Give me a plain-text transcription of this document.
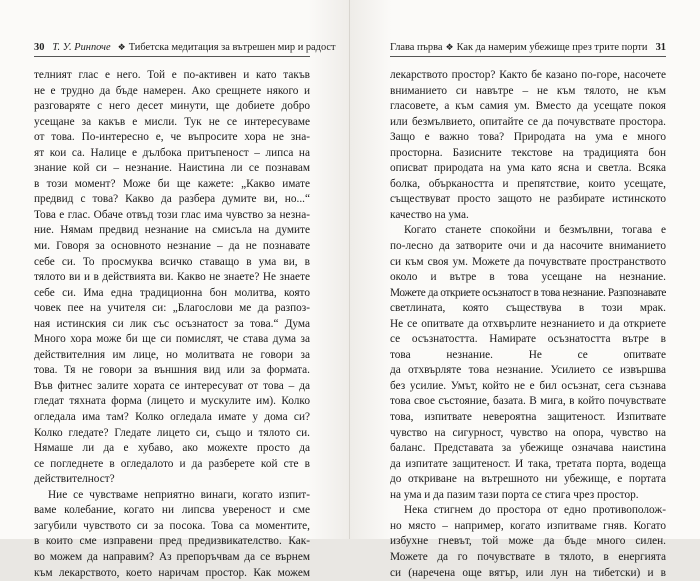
30 Т. У. Ринпоче ❖ Тибетска медитация за вътрешен мир и радост
телният глас е него. Той е по-активен и като такъв
не е трудно да бъде намерен. Ако срещнете някого и
разговаряте с него десет минути, ще добиете добро
усещане за какъв е мисли. Тук не се интересуваме
от това. По-интересно е, че въпросите хора не зна-
ят кои са. Налице е дълбока притъпеност – липса на
знание кой си – незнание. Наистина ли се познавам
в този момент? Може би ще кажете: „Какво имате
предвид с това? Какво да разбера думите ви, но...“
Това е глас. Обаче отвъд този глас има чувство за незна-
ние. Нямам предвид незнание на смисъла на думите
ми. Говоря за основното незнание – да не познавате
себе си. То просмуква всичко ставащо в ума ви, в
тялото ви и в действията ви. Какво не знаете? Не знаете
себе си. Има една традиционна бон молитва, която
човек пее на учителя си: „Благослови ме да разпоз-
ная истинския си лик със осъзнатост за това.“ Дума
Много хора може би ще си помислят, че става дума за
действителния им лице, но молитвата не говори за
това. Тя не говори за външния вид или за формата.
Във фитнес залите хората се интересуват от това – да
гледат тяхната форма (лицето и мускулите им). Колко
огледала има там? Колко огледала имате у дома си?
Колко гледате? Гледате лицето си, също и тялото си.
Нямаше ли да е хубаво, ако можехте просто да
се погледнете в огледалото и да разберете кой сте в
действителност?
Ние се чувстваме неприятно винаги, когато изпит-
ваме колебание, когато ни липсва увереност и сме
загубили чувството си за посока. Това са моментите,
в които сме изправени пред предизвикателство. Как-
во можем да направим? Аз препоръчвам да се върнем
към лекарството, което наричам простор. Как можем
Глава първа ❖ Как да намерим убежище през трите порти 31
лекарството простор? Както бе казано по-горе, насочете
вниманието си навътре – не към тялото, не към
гласовете, а към самия ум. Вместо да усещате покоя
или безмълвието, опитайте се да почувствате простора.
Защо е важно това? Природата на ума е много
просторна. Базисните текстове на традицията бон
описват природата на ума като ясна и светла. Всяка
болка, объркаността и препятствие, които усещате,
съществуват просто защото не разбирате истинското
качество на ума.
Когато станете спокойни и безмълвни, тогава е
по-лесно да затворите очи и да насочите вниманието
си към своя ум. Можете да почувствате пространството
около и вътре в това усещане на незнание.
Можете да откриете осъзнатост в това незнание. Разпознавате
светлината, която съществува в този мрак.
Не се опитвате да отхвърлите незнанието и да откриете
се осъзнатостта. Намирате осъзнатостта вътре в
това незнание. Не се опитвате
да отхвърляте това незнание. Усилието се извършва
без усилие. Умът, който не е бил осъзнат, сега съзнава
това свое състояние, базата. В мига, в който почувствате
това, изпитвате невероятна защитеност. Изпитвате
чувство на сигурност, чувство на опора, чувство на
баланс. Представата за убежище означава наистина
да изпитате защитеност. И така, третата порта, водеща
до откриване на вътрешното ни убежище, е портата
на ума и да пазим тази порта се стига чрез простор.
Нека стигнем до простора от едно противополож-
но място – например, когато изпитваме гняв. Когато
избухне гневът, той може да бъде много силен.
Можете да го почувствате в тялото, в енергията
си (наречена още вятър, или лун на тибетски) и в
